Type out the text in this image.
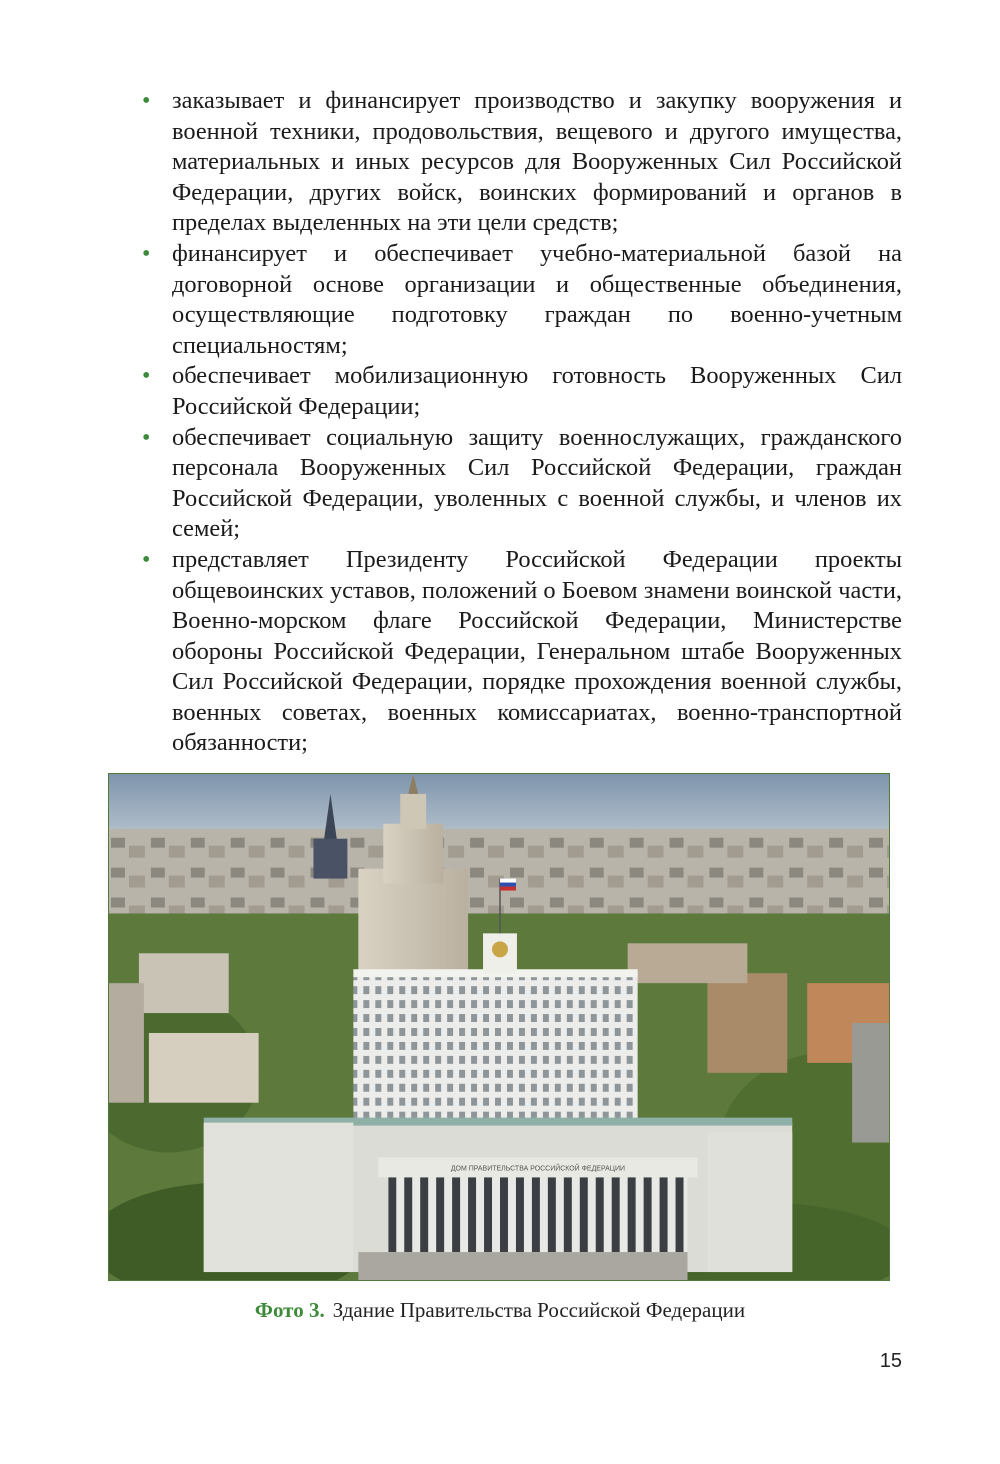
• заказывает и финансирует производство и закупку вооружения и военной техники, продовольствия, вещевого и другого имущества, материальных и иных ресурсов для Вооруженных Сил Российской Федерации, других войск, воинских формирований и органов в пределах выделенных на эти цели средств;
• финансирует и обеспечивает учебно-материальной базой на договорной основе организации и общественные объединения, осуществляющие подготовку граждан по военно-учетным специальностям;
• обеспечивает мобилизационную готовность Вооруженных Сил Российской Федерации;
• обеспечивает социальную защиту военнослужащих, гражданского персонала Вооруженных Сил Российской Федерации, граждан Российской Федерации, уволенных с военной службы, и членов их семей;
• представляет Президенту Российской Федерации проекты общевоинских уставов, положений о Боевом знамени воинской части, Военно-морском флаге Российской Федерации, Министерстве обороны Российской Федерации, Генеральном штабе Вооруженных Сил Российской Федерации, порядке прохождения военной службы, военных советах, военных комиссариатах, военно-транспортной обязанности;
ДОМ ПРАВИТЕЛЬСТВА РОССИЙСКОЙ ФЕДЕРАЦИИ
Фото 3. Здание Правительства Российской Федерации
15
